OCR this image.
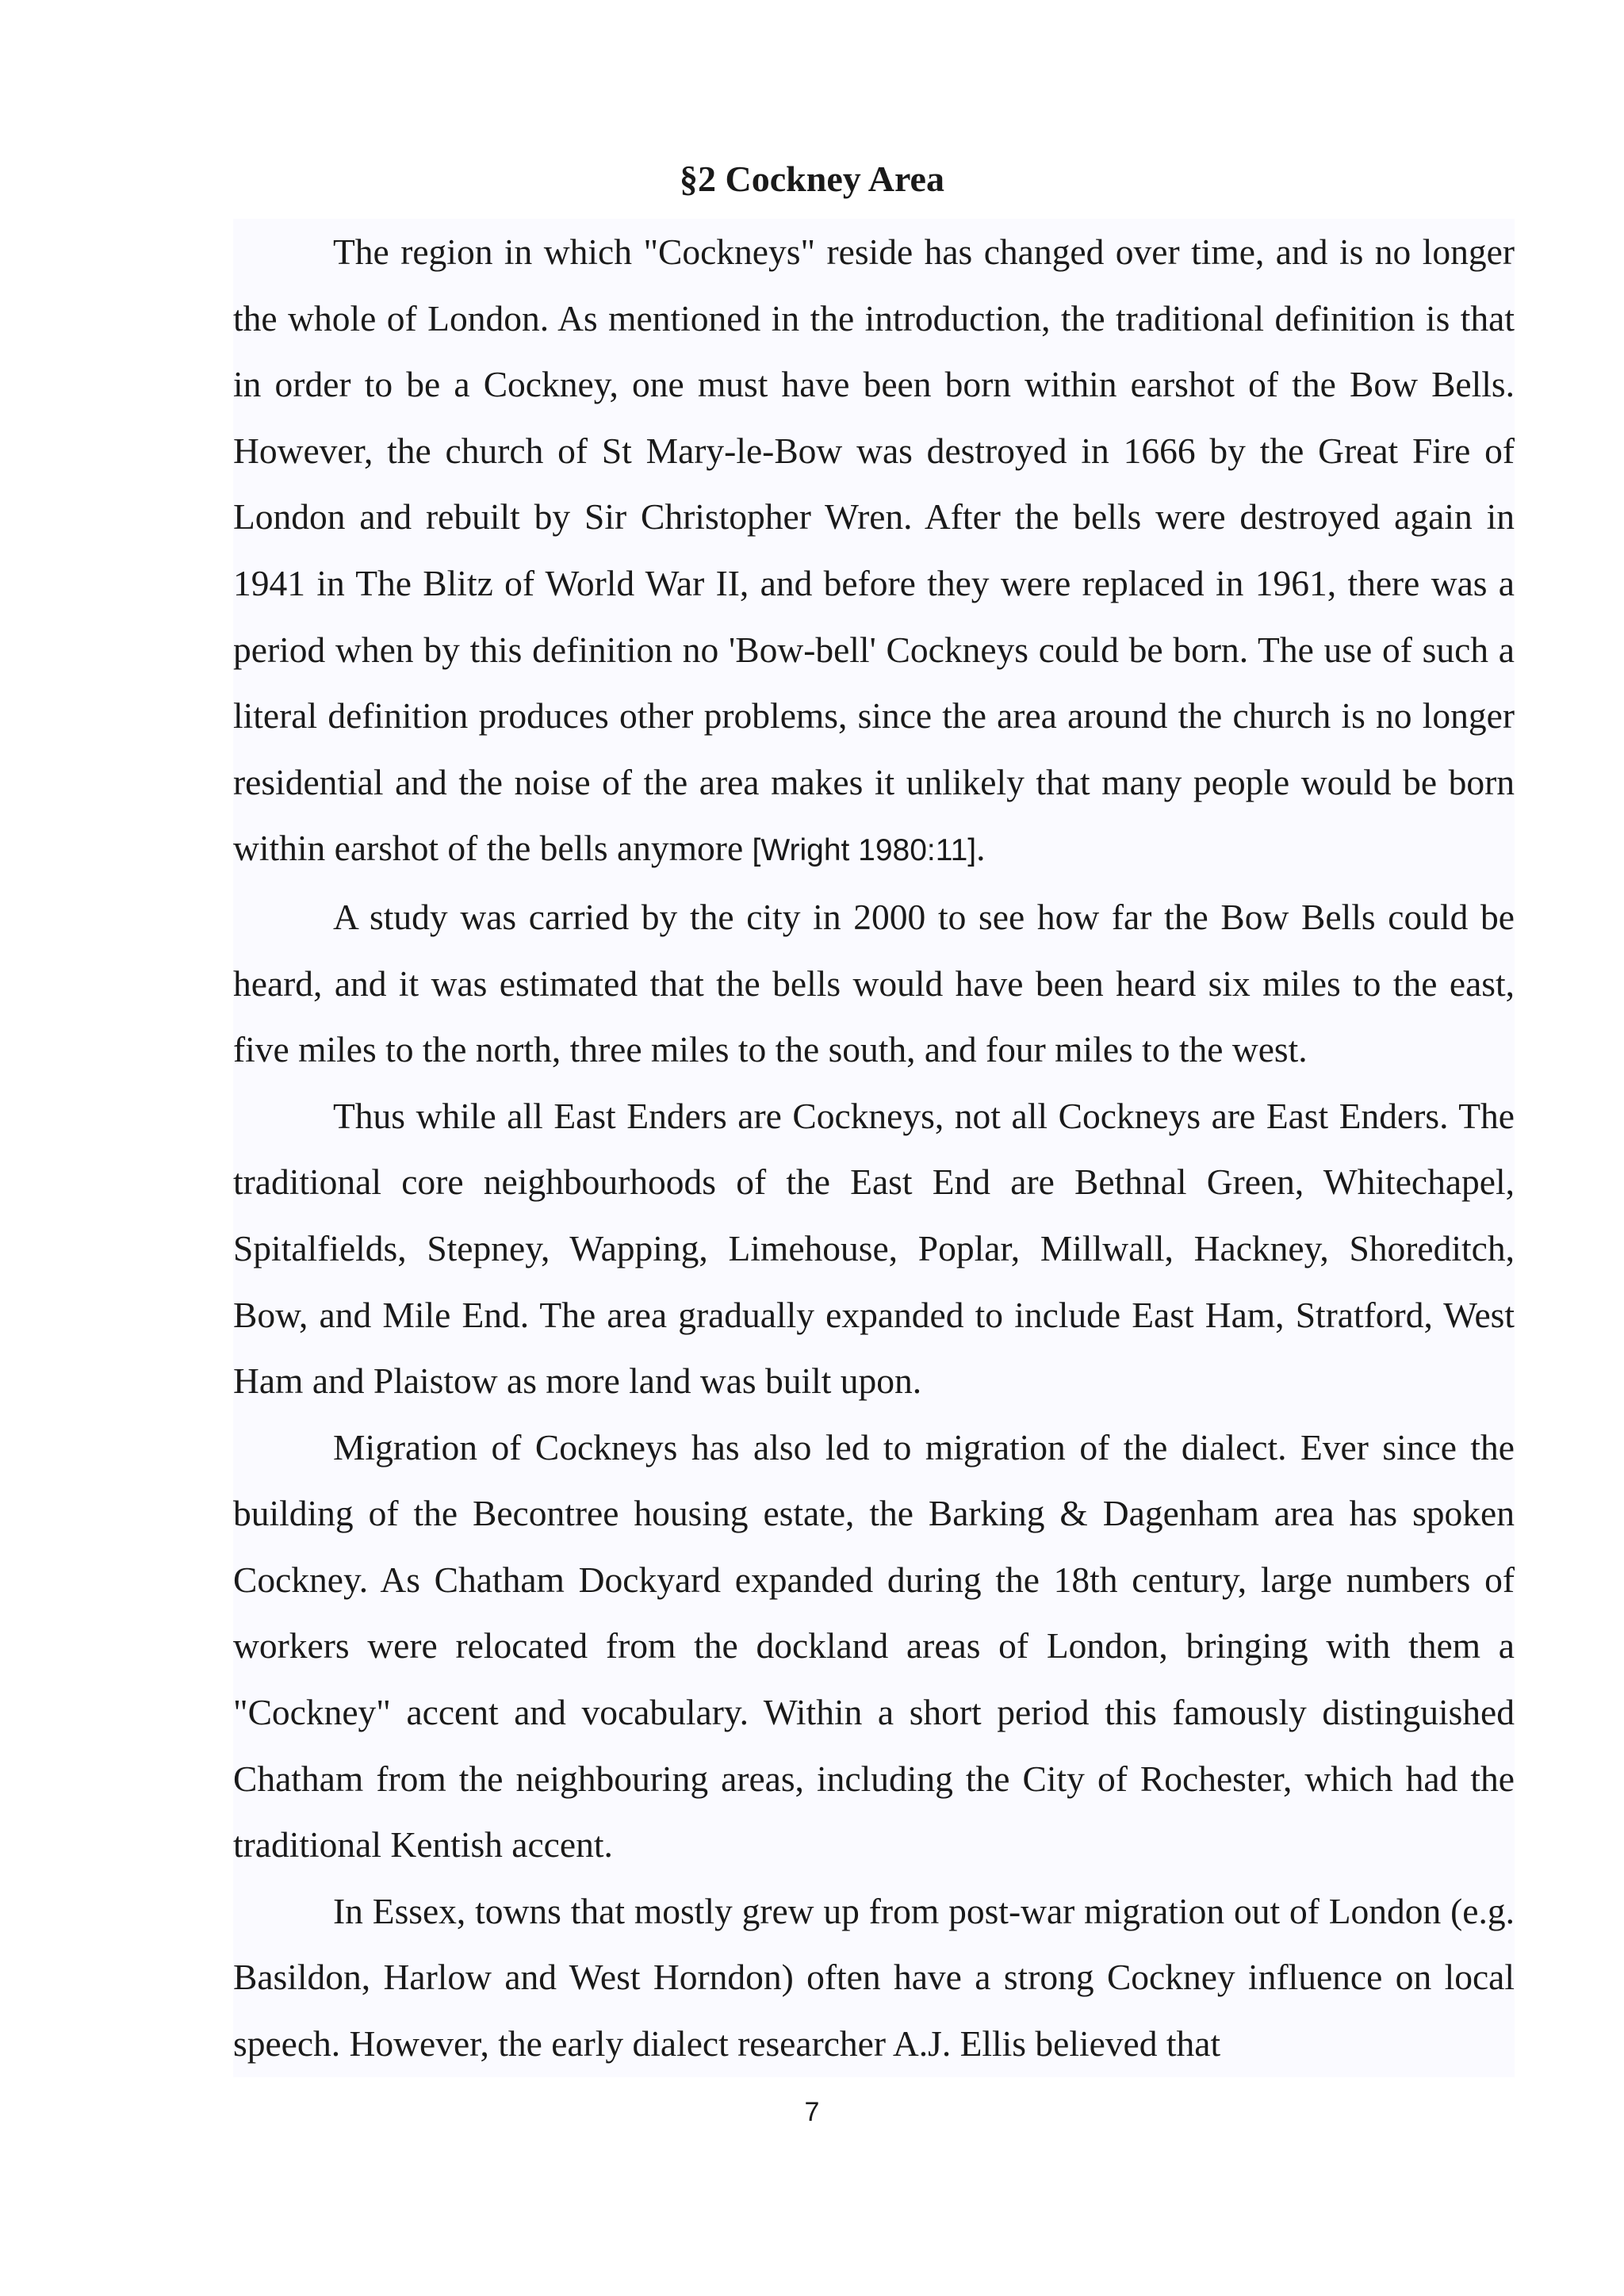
§2 Cockney Area

The region in which "Cockneys" reside has changed over time, and is no longer the whole of London. As mentioned in the introduction, the traditional definition is that in order to be a Cockney, one must have been born within earshot of the Bow Bells. However, the church of St Mary-le-Bow was destroyed in 1666 by the Great Fire of London and rebuilt by Sir Christopher Wren. After the bells were destroyed again in 1941 in The Blitz of World War II, and before they were replaced in 1961, there was a period when by this definition no 'Bow-bell' Cockneys could be born. The use of such a literal definition produces other problems, since the area around the church is no longer residential and the noise of the area makes it unlikely that many people would be born within earshot of the bells anymore [Wright 1980:11].

A study was carried by the city in 2000 to see how far the Bow Bells could be heard, and it was estimated that the bells would have been heard six miles to the east, five miles to the north, three miles to the south, and four miles to the west.

Thus while all East Enders are Cockneys, not all Cockneys are East Enders. The traditional core neighbourhoods of the East End are Bethnal Green, Whitechapel, Spitalfields, Stepney, Wapping, Limehouse, Poplar, Millwall, Hackney, Shoreditch, Bow, and Mile End. The area gradually expanded to include East Ham, Stratford, West Ham and Plaistow as more land was built upon.

Migration of Cockneys has also led to migration of the dialect. Ever since the building of the Becontree housing estate, the Barking & Dagenham area has spoken Cockney. As Chatham Dockyard expanded during the 18th century, large numbers of workers were relocated from the dockland areas of London, bringing with them a "Cockney" accent and vocabulary. Within a short period this famously distinguished Chatham from the neighbouring areas, including the City of Rochester, which had the traditional Kentish accent.

In Essex, towns that mostly grew up from post-war migration out of London (e.g. Basildon, Harlow and West Horndon) often have a strong Cockney influence on local speech. However, the early dialect researcher A.J. Ellis believed that

7
